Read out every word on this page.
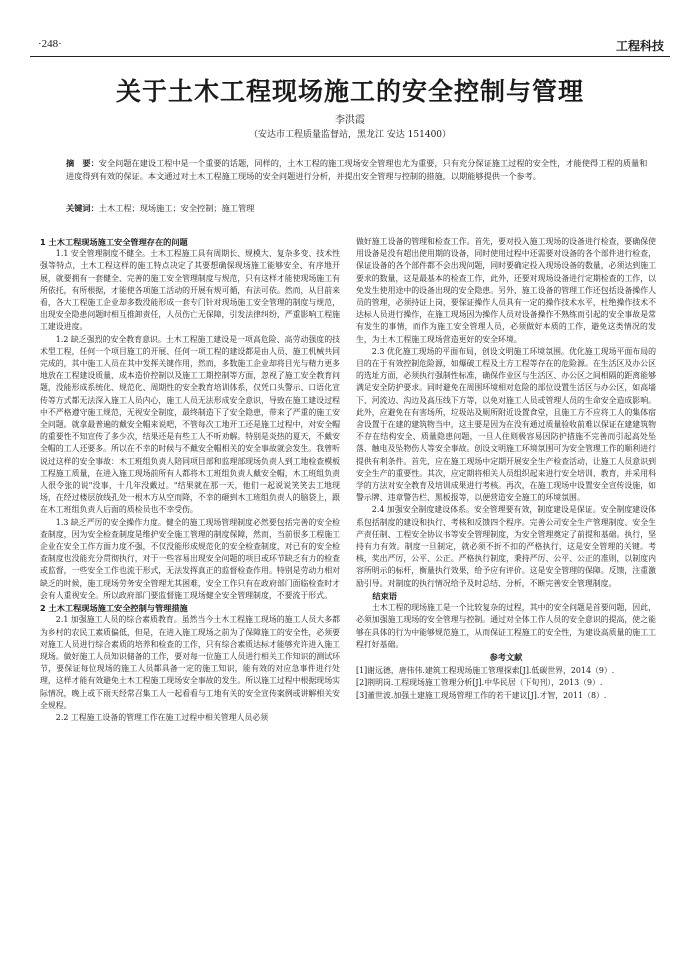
·248·	工程科技
关于土木工程现场施工的安全控制与管理
李洪霞
（安达市工程质量监督站，黑龙江 安达 151400）
摘　要：安全问题在建设工程中是一个重要的话题，同样的，土木工程的施工现场安全管理也尤为重要，只有充分保证施工过程的安全性，才能使得工程的质量和进度得到有效的保证。本文通过对土木工程施工现场的安全问题进行分析，并提出安全管理与控制的措施，以期能够提供一个参考。
关键词：土木工程；现场施工；安全控制；施工管理
1 土木工程现场施工安全管理存在的问题

1.1 安全管理制度不健全。土木工程施工具有周期长、规模大、复杂多变、技术性强等特点，土木工程这样的施工特点决定了其要想确保现场施工能够安全、有序地开展，就要拥有一套健全、完善的施工安全管理制度与规范，只有这样才能使现场施工有所依托，有所根据，才能使各项施工活动的开展有规可循，有法可依。然而，从目前来看，各大工程施工企业却多数没能形成一套专门针对现场施工安全管理的制度与规范，出现安全隐患问题时相互推卸责任，人员伤亡无保障，引发法律纠纷，严重影响工程施工建设进度。

1.2 缺乏强烈的安全教育意识。土木工程施工建设是一项高危险、高劳动强度的技术型工程，任何一个项目施工的开展、任何一项工程的建设都是由人员、施工机械共同完成的，其中施工人员在其中发挥关键作用，然而，多数施工企业却将目光与精力更多地放在工程建设质量、成本造价控制以及施工工期控制等方面，忽视了施工安全教育问题，没能形成系统化、规范化、周期性的安全教育培训体系，仅凭口头警示、口语化宣传等方式都无法深入施工人员内心，施工人员无法形成安全意识，导致在施工建设过程中不严格遵守施工规范，无视安全制度，最终制造下了安全隐患，带来了严重的施工安全问题。就拿最普遍的戴安全帽来说吧，不管每次工地开工还是施工过程中，对安全帽的重要性不知宣传了多少次，结果还是有些工人不听劝解。特别是炎热的夏天，不戴安全帽的工人还要多。所以在不幸的时候与不戴安全帽相关的安全事故就会发生。我曾听说过这样的安全事故：木工班组负责人陪同项目部和监理部现场负责人到工地检查模板工程施工质量，在进入施工现场前所有人都将木工班组负责人戴安全帽，木工班组负责人很令张的说"没事，十几年没戴过。"结果就在那一天，他们一起说说笑笑去工地现场，在经过楼层放线孔处一根木方从空而降，不幸的砸到木工班组负责人的脑袋上，跟在木工班组负责人后面的质检员也不幸受伤。

1.3 缺乏严厉的安全操作力度。健全的施工现场管理制度必然要包括完善的安全检查制度，因为安全检查制度是维护安全施工管理的制度保障，然而，当前很多工程施工企业在安全工作方面力度不强，不仅没能形成规范化的安全检查制度，对已有的安全检查制度也没能充分贯彻执行，对于一些容易出现安全问题的项目或环节缺乏有力的检查或监督，一些安全工作也流于形式，无法发挥真正的监督检查作用。特别是劳动力相对缺乏的时候，施工现场劳务安全管理尤其困难，安全工作只有在政府部门面临检查时才会有人重视安全。所以政府部门要监督施工现场健全安全管理制度，不要流于形式。

2 土木工程现场施工安全控制与管理措施

2.1 加强施工人员的综合素质教育。虽然当今土木工程施工现场的施工人员大多都为乡村的农民工素质偏低，但是，在进入施工现场之前为了保障施工的安全性，必须要对施工人员进行综合素质的培养和检查的工作，只有综合素质达标才能够充许进入施工现场。做好施工人员知识储备的工作，要对每一位施工人员进行相关工作知识的测试环节，要保证每位现场的施工人员都具备一定的施工知识，能有效的对应急事件进行处理，这样才能有效避免土木工程施工现场安全事故的发生。所以施工过程中根据现场实际情况，晚上或下雨天经常召集工人一起看看与工地有关的安全宣传案例或讲解相关安全规程。

2.2 工程施工设备的管理工作在施工过程中相关管理人员必须

做好施工设备的管理和检查工作。首先，要对投入施工现场的设备进行检查，要确保使用设备是没有超出使用期的设备，同时使用过程中还需要对设备的各个部件进行检查，保证设备的各个部件都不会出现问题，同时要确定投入现场设备的数量，必须达到施工要求的数量，这是最基本的检查工作，此外，还要对现场设备进行定期检查的工作，以免发生使用途中的设备出现的安全隐患。另外，施工设备的管理工作还包括设备操作人员的管理，必须持证上岗，要保证操作人员具有一定的操作技术水平，杜绝操作技术不达标人员进行操作，在施工现场因为操作人员对设备操作不熟练而引起的安全事故是常有发生的事情，而作为施工安全管理人员，必须做好本质的工作，避免这类情况的发生，为土木工程施工现场营造更好的安全环境。

2.3 优化施工现场的平面布局，创设文明施工环境氛围。优化施工现场平面布局的目的在于有效控制危险源，如爆破工程及土方工程等存在的危险源。在生活区及办公区的选址方面，必须执行强制性标准，确保作业区与生活区、办公区之间相隔的距离能够满足安全防护要求。同时避免在周围环境相对危险的部位设置生活区与办公区，如高墙下、河流边、沟边及高压线下方等，以免对施工人员或管理人员的生命安全造成影响。此外，应避免在有害场所，垃圾站及厕所附近设置食堂，且施工方不应将工人的集体宿舍设置于在建的建筑物当中，这主要是因为在没有通过质量验收前难以保证在建建筑物不存在结构安全、质量隐患问题，一旦人住则极容易因防护措施不完善而引起高处坠落、触电及坠物伤人等安全事故。创设文明施工环境氛围可为安全管理工作的顺利进行提供有利条件。首先，应在施工现场中定期开展安全生产检查活动，让施工人员意识到安全生产的重要性。其次，应定期将相关人员组织起来进行安全培训、教育，并采用科学的方法对安全教育及培训成果进行考核。再次，在施工现场中设置安全宣传设施，如警示牌、违章警告栏、黑板报等，以便营造安全施工的环境氛围。

2.4 加强安全制度建设体系。安全管理要有效，制度建设是保证。安全制度建设体系包括制度的建设和执行、考核和反馈四个程序。完善公司安全生产管理制度、安全生产责任制、工程安全协议书等安全管理制度，为安全管理奠定了前提和基础。执行，坚持有力有效。制度一旦制定，就必须不折不扣的严格执行，这是安全管理的关键。考核，奖出严厉，公平、公正。严格执行制度，秉持严厉、公平、公正的准则，以制度内容所明示的标杆，衡量执行效果，给予应有评价。这是安全管理的保障。反馈，注重激励引导。对制度的执行情况给予及时总结、分析，不断完善安全管理制度。

结束语

土木工程的现场施工是一个比较复杂的过程，其中的安全问题是首要问题，因此，必须加强施工现场的安全管理与控制。通过对全体工作人员的安全意识的提高，使之能够在具体的行为中能够规范施工，从而保证工程施工的安全性，为建设高质量的施工工程打好基础。

参考文献

[1]谢远德，唐伟伟.建筑工程现场施工管理探索[J].低碳世界，2014（9）.

[2]荆明岗.工程现场施工管理分析[J].中华民居（下旬刊），2013（9）.

[3]董世波.加强土建施工现场管理工作的若干建议[J].才智，2011（8）.
